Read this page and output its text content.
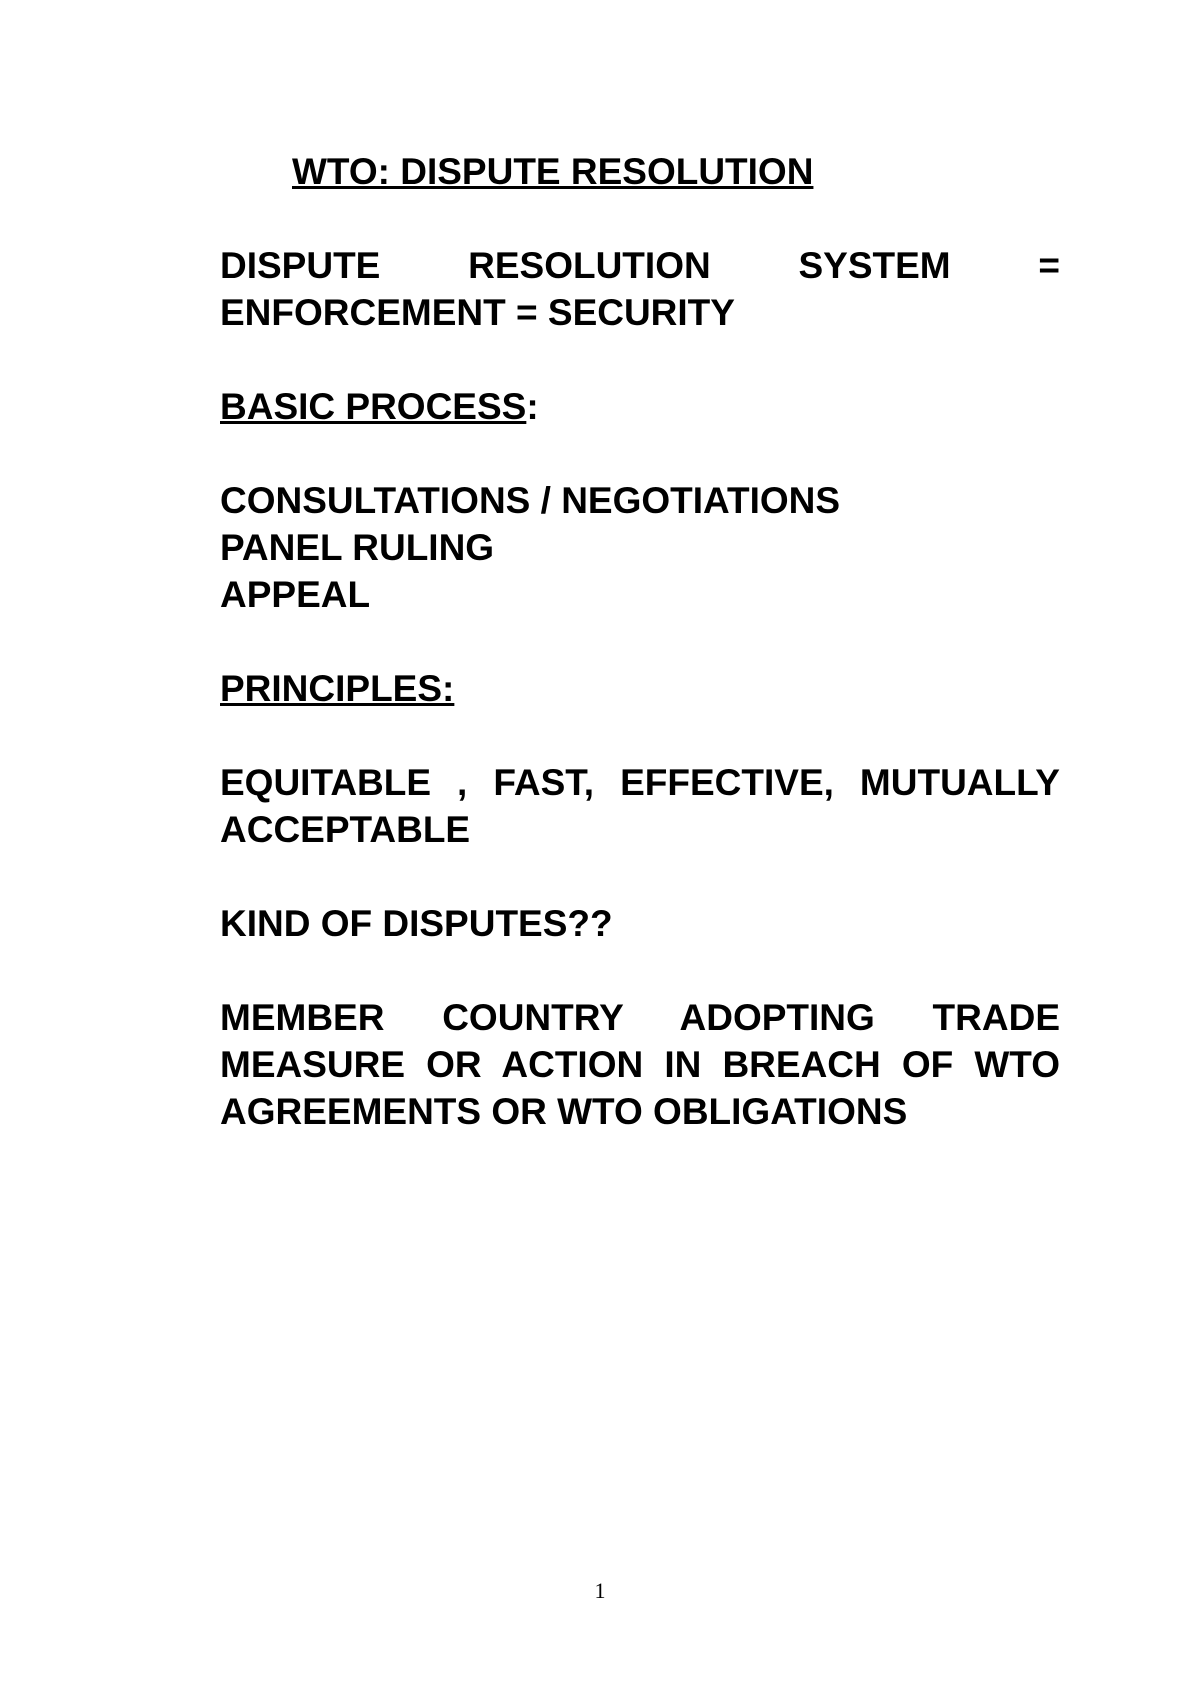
WTO: DISPUTE RESOLUTION

DISPUTE RESOLUTION SYSTEM = ENFORCEMENT = SECURITY

BASIC PROCESS:

CONSULTATIONS / NEGOTIATIONS
PANEL RULING
APPEAL

PRINCIPLES:

EQUITABLE , FAST, EFFECTIVE, MUTUALLY ACCEPTABLE

KIND OF DISPUTES??

MEMBER COUNTRY ADOPTING TRADE MEASURE OR ACTION IN BREACH OF WTO AGREEMENTS OR WTO OBLIGATIONS

1
